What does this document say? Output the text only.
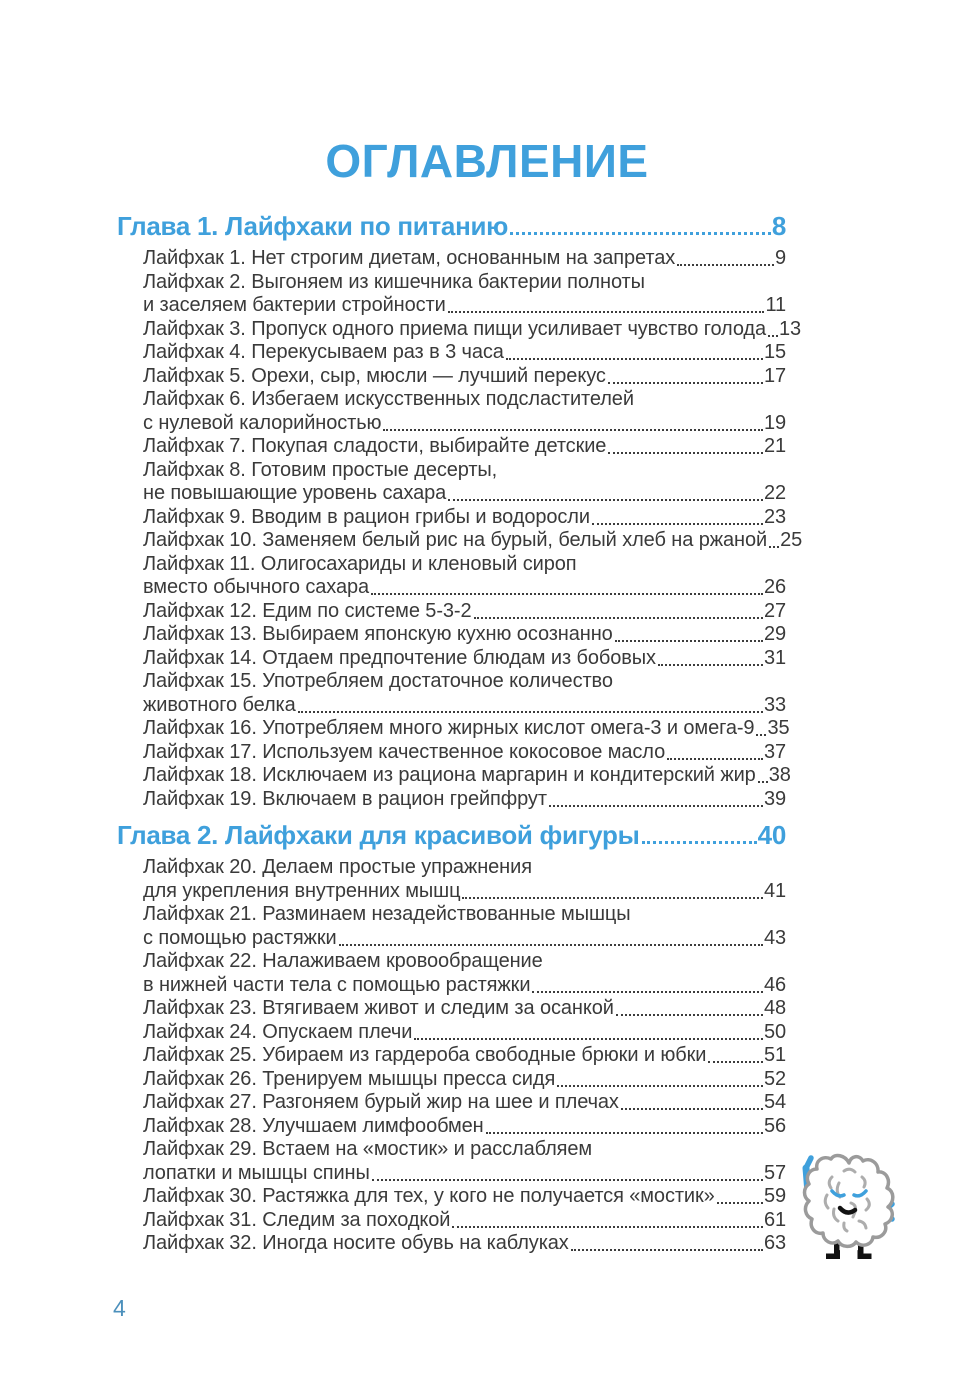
ОГЛАВЛЕНИЕ
Глава 1. Лайфхаки по питанию	8
Лайфхак 1. Нет строгим диетам, основанным на запретах	9
Лайфхак 2. Выгоняем из кишечника бактерии полноты
и заселяем бактерии стройности	11
Лайфхак 3. Пропуск одного приема пищи усиливает чувство голода 13
Лайфхак 4. Перекусываем раз в 3 часа	15
Лайфхак 5. Орехи, сыр, мюсли — лучший перекус	17
Лайфхак 6. Избегаем искусственных подсластителей
с нулевой калорийностью	19
Лайфхак 7. Покупая сладости, выбирайте детские	21
Лайфхак 8. Готовим простые десерты,
не повышающие уровень сахара	22
Лайфхак 9. Вводим в рацион грибы и водоросли	23
Лайфхак 10. Заменяем белый рис на бурый, белый хлеб на ржаной 25
Лайфхак 11. Олигосахариды и кленовый сироп
вместо обычного сахара	26
Лайфхак 12. Едим по системе 5-3-2	27
Лайфхак 13. Выбираем японскую кухню осознанно	29
Лайфхак 14. Отдаем предпочтение блюдам из бобовых	31
Лайфхак 15. Употребляем достаточное количество
животного белка	33
Лайфхак 16. Употребляем много жирных кислот омега-3 и омега-9 35
Лайфхак 17. Используем качественное кокосовое масло	37
Лайфхак 18. Исключаем из рациона маргарин и кондитерский жир 38
Лайфхак 19. Включаем в рацион грейпфрут	39
Глава 2. Лайфхаки для красивой фигуры	40
Лайфхак 20. Делаем простые упражнения
для укрепления внутренних мышц	41
Лайфхак 21. Разминаем незадействованные мышцы
с помощью растяжки	43
Лайфхак 22. Налаживаем кровообращение
в нижней части тела с помощью растяжки	46
Лайфхак 23. Втягиваем живот и следим за осанкой	48
Лайфхак 24. Опускаем плечи	50
Лайфхак 25. Убираем из гардероба свободные брюки и юбки	51
Лайфхак 26. Тренируем мышцы пресса сидя	52
Лайфхак 27. Разгоняем бурый жир на шее и плечах	54
Лайфхак 28. Улучшаем лимфообмен	56
Лайфхак 29. Встаем на «мостик» и расслабляем
лопатки и мышцы спины	57
Лайфхак 30. Растяжка для тех, у кого не получается «мостик» 59
Лайфхак 31. Следим за походкой	61
Лайфхак 32. Иногда носите обувь на каблуках	63
4
